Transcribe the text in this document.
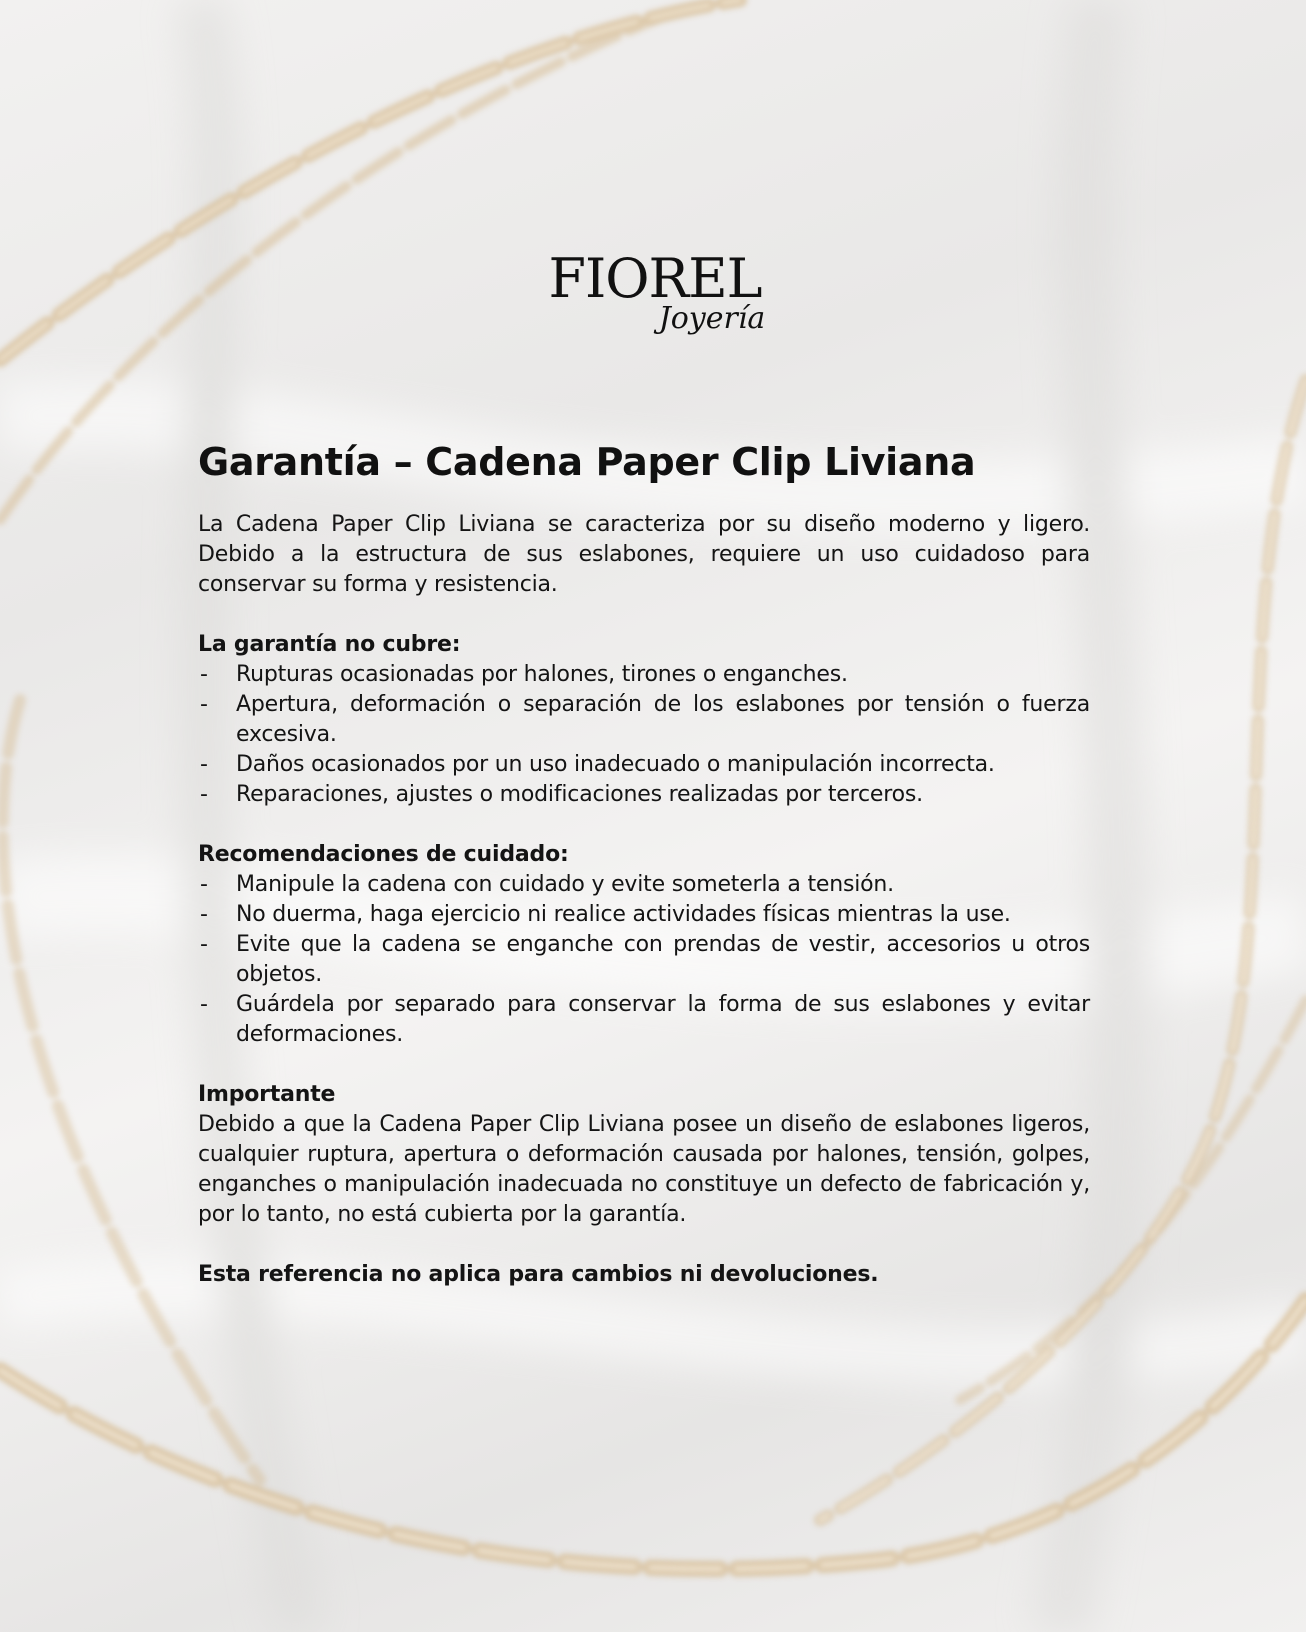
FIOREL
Joyería
Garantía – Cadena Paper Clip Liviana

La Cadena Paper Clip Liviana se caracteriza por su diseño moderno y ligero. Debido a la estructura de sus eslabones, requiere un uso cuidadoso para conservar su forma y resistencia.

La garantía no cubre:
- Rupturas ocasionadas por halones, tirones o enganches.
- Apertura, deformación o separación de los eslabones por tensión o fuerza excesiva.
- Daños ocasionados por un uso inadecuado o manipulación incorrecta.
- Reparaciones, ajustes o modificaciones realizadas por terceros.
Recomendaciones de cuidado:
- Manipule la cadena con cuidado y evite someterla a tensión.
- No duerma, haga ejercicio ni realice actividades físicas mientras la use.
- Evite que la cadena se enganche con prendas de vestir, accesorios u otros objetos.
- Guárdela por separado para conservar la forma de sus eslabones y evitar deformaciones.
Importante

Debido a que la Cadena Paper Clip Liviana posee un diseño de eslabones ligeros, cualquier ruptura, apertura o deformación causada por halones, tensión, golpes, enganches o manipulación inadecuada no constituye un defecto de fabricación y, por lo tanto, no está cubierta por la garantía.

Esta referencia no aplica para cambios ni devoluciones.
